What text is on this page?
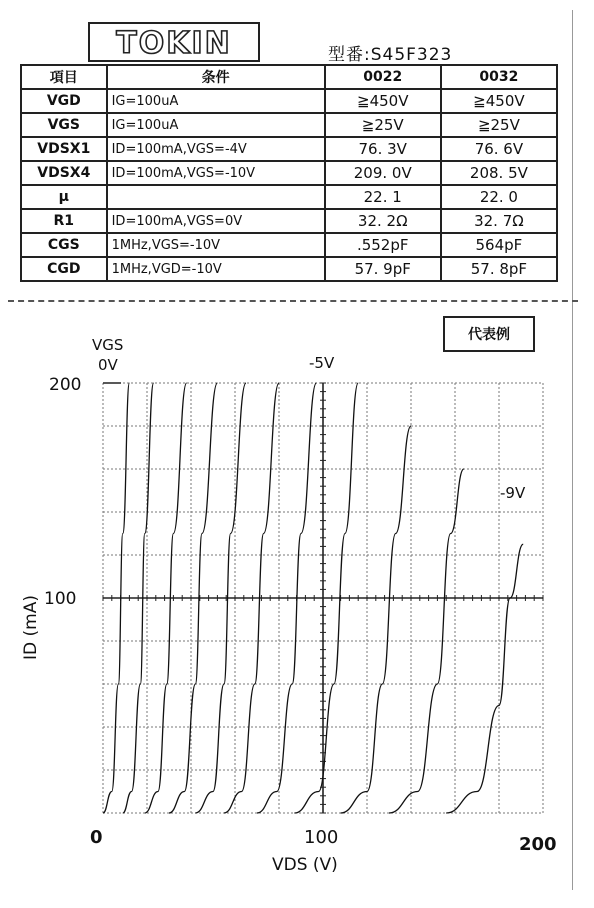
TOKIN	型番:S45F323
項目	条件	0022	0032
VGD	IG=100uA	≧450V	≧450V
VGS	IG=100uA	≧25V	≧25V
VDSX1	ID=100mA,VGS=-4V	76. 3V	76. 6V
VDSX4	ID=100mA,VGS=-10V	209. 0V	208. 5V
μ		22. 1	22. 0
R1	ID=100mA,VGS=0V	32. 2Ω	32. 7Ω
CGS	1MHz,VGS=-10V	.552pF	564pF
CGD	1MHz,VGD=-10V	57. 9pF	57. 8pF
代表例
200
100
0	100	200
VDS (V)
ID (mA)
VGS
0V	-5V
-9V
